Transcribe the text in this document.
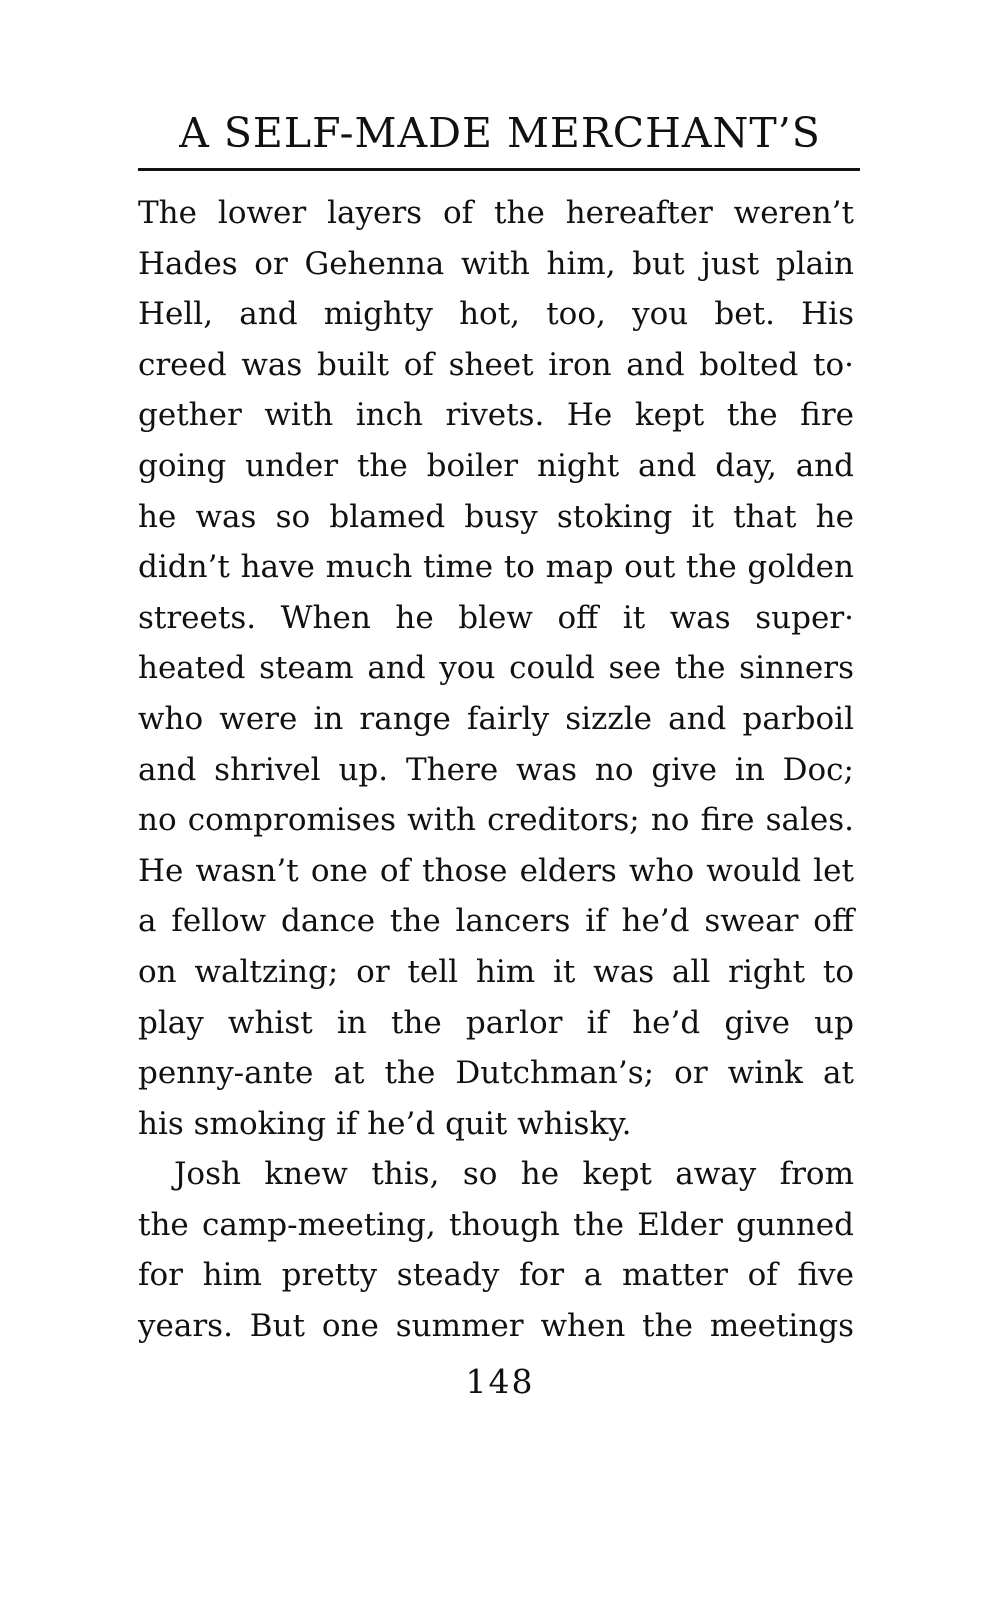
A SELF-MADE MERCHANT’S
The lower layers of the hereafter weren’t
Hades or Gehenna with him, but just plain
Hell, and mighty hot, too, you bet. His
creed was built of sheet iron and bolted to·
gether with inch rivets. He kept the fire
going under the boiler night and day, and
he was so blamed busy stoking it that he
didn’t have much time to map out the golden
streets. When he blew off it was super·
heated steam and you could see the sinners
who were in range fairly sizzle and parboil
and shrivel up. There was no give in Doc;
no compromises with creditors; no fire sales.
He wasn’t one of those elders who would let
a fellow dance the lancers if he’d swear off
on waltzing; or tell him it was all right to
play whist in the parlor if he’d give up
penny-ante at the Dutchman’s; or wink at
his smoking if he’d quit whisky.
Josh knew this, so he kept away from
the camp-meeting, though the Elder gunned
for him pretty steady for a matter of five
years. But one summer when the meetings
148
